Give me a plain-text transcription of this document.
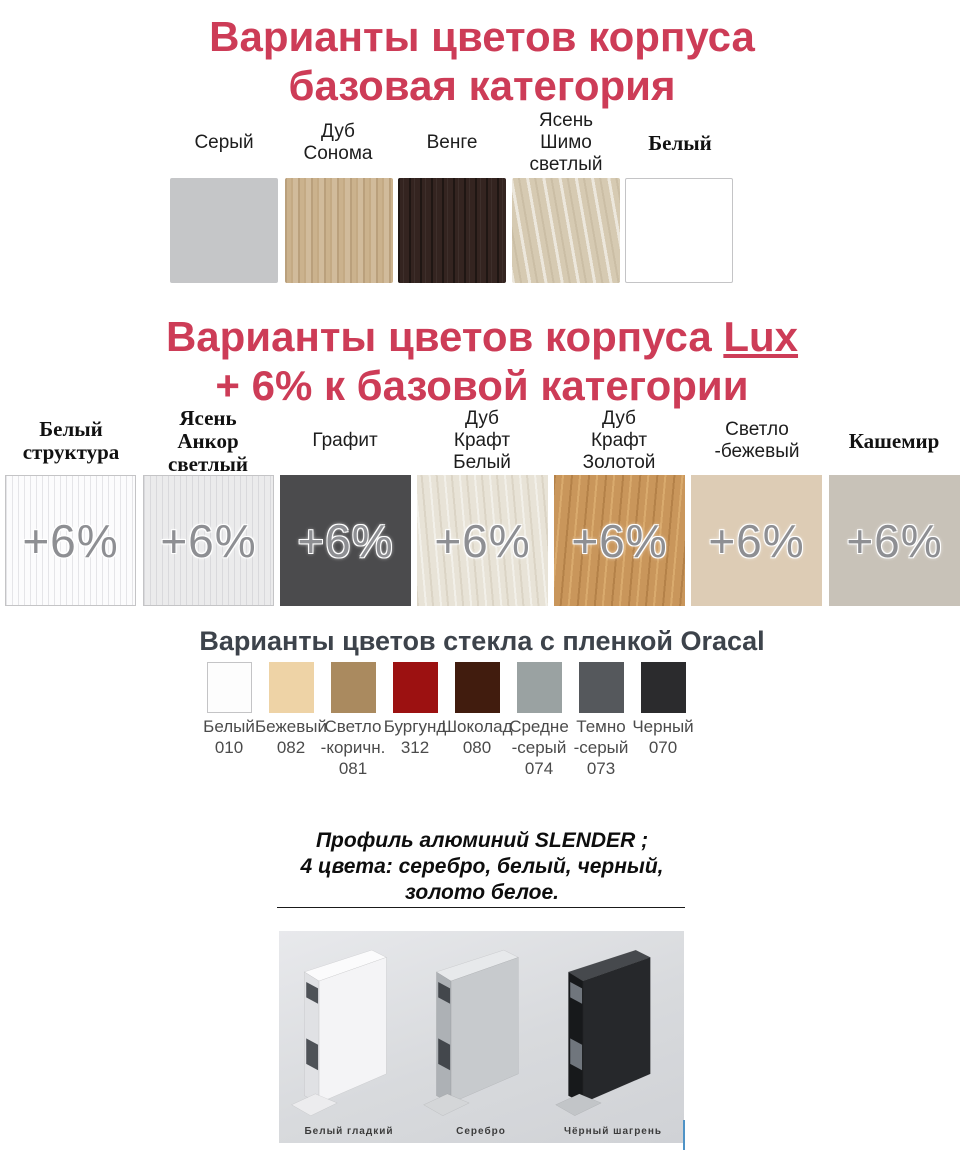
Варианты цветов корпуса
базовая категория
Серый
Дуб
Сонома
Венге
Ясень
Шимо
светлый
Белый
Варианты цветов корпуса Lux
+ 6% к базовой категории
Белый
структура
Ясень
Анкор
светлый
Графит
Дуб
Крафт
Белый
Дуб
Крафт
Золотой
Светло
-бежевый	Кашемир
+6% +6% +6% +6% +6% +6% +6%
Варианты цветов стекла с пленкой Oracal
Белый
010
Бежевый
082
Светло
-коричн.
081
Бургунд
312
Шоколад
080
Средне
-серый
074
Темно
-серый
073
Черный
070
Профиль алюминий SLENDER ;
4 цвета: серебро, белый, черный,
золото белое.
Белый гладкий	Серебро	Чёрный шагрень
